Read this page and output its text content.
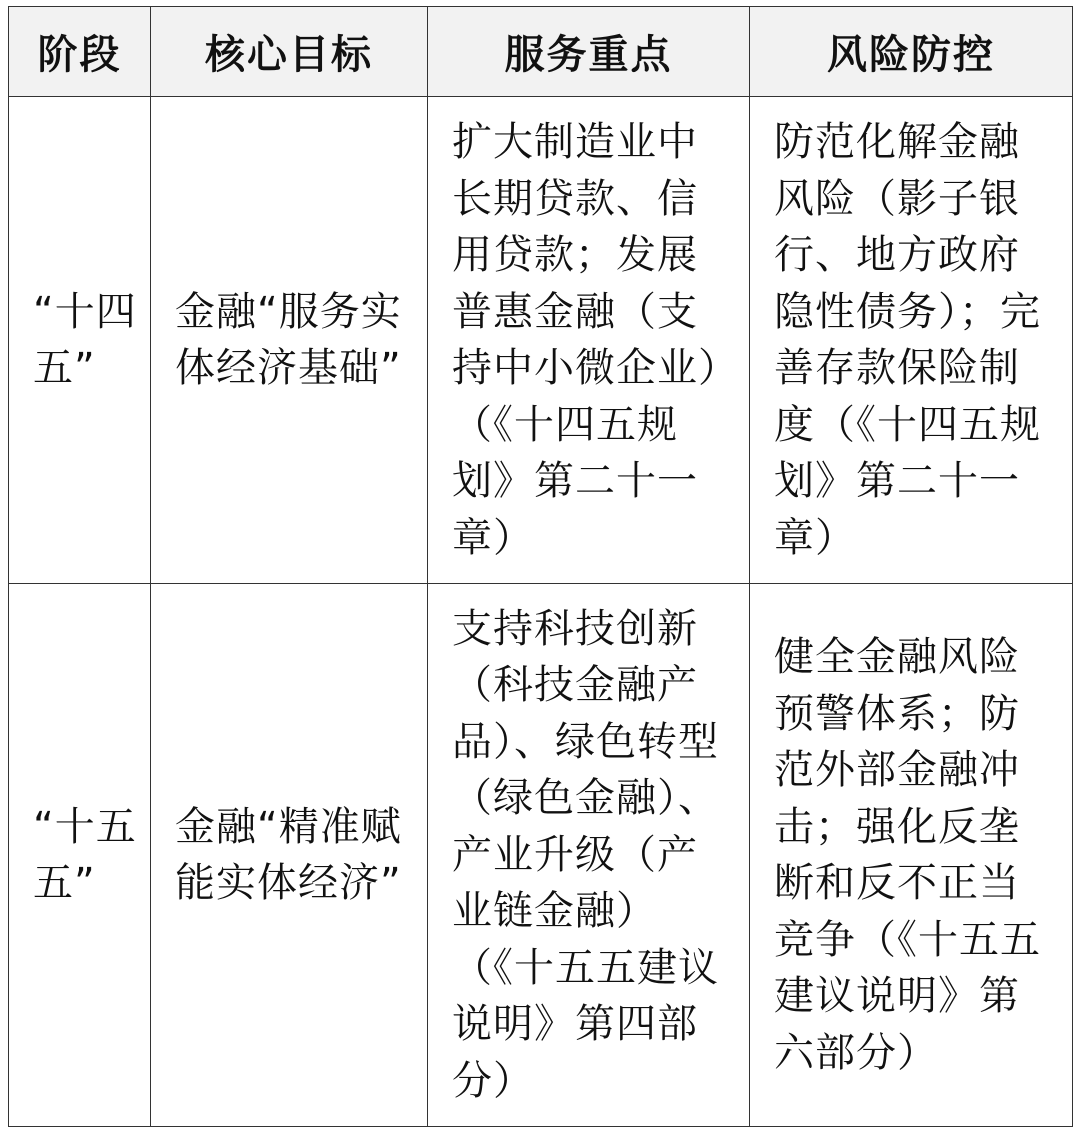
阶段	核心目标	服务重点	风险防控
“十四五”	金融“服务实体经济基础”	扩大制造业中长期贷款、信用贷款；发展普惠金融（支持中小微企业）（《十四五规划》第二十一章）	防范化解金融风险（影子银行、地方政府隐性债务）；完善存款保险制度（《十四五规划》第二十一章）
“十五五”	金融“精准赋能实体经济”	支持科技创新（科技金融产品）、绿色转型（绿色金融）、产业升级（产业链金融）（《十五五建议说明》第四部分）	健全金融风险预警体系；防范外部金融冲击；强化反垄断和反不正当竞争（《十五五建议说明》第六部分）
